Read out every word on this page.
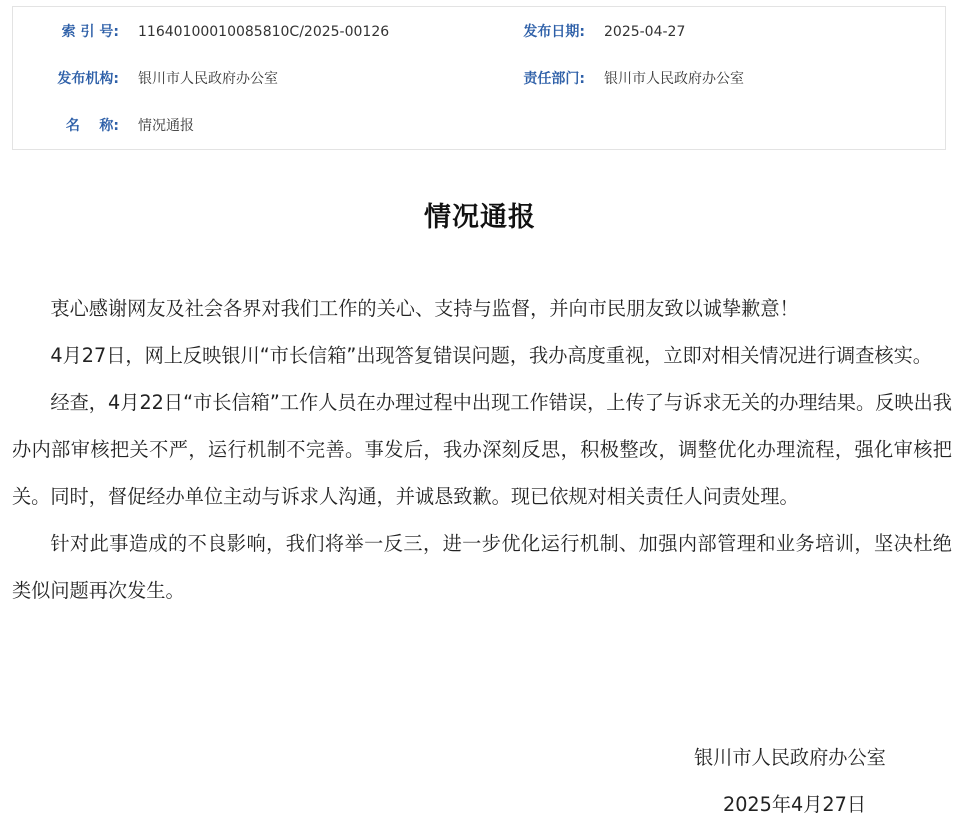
索 引 号: 11640100010085810C/2025-00126	发布日期: 2025-04-27
发布机构: 银川市人民政府办公室	责任部门: 银川市人民政府办公室
名    称: 情况通报
情况通报

衷心感谢网友及社会各界对我们工作的关心、支持与监督，并向市民朋友致以诚挚歉意！

4月27日，网上反映银川“市长信箱”出现答复错误问题，我办高度重视，立即对相关情况进行调查核实。

经查，4月22日“市长信箱”工作人员在办理过程中出现工作错误，上传了与诉求无关的办理结果。反映出我办内部审核把关不严，运行机制不完善。事发后，我办深刻反思，积极整改，调整优化办理流程，强化审核把关。同时，督促经办单位主动与诉求人沟通，并诚恳致歉。现已依规对相关责任人问责处理。

针对此事造成的不良影响，我们将举一反三，进一步优化运行机制、加强内部管理和业务培训，坚决杜绝类似问题再次发生。

银川市人民政府办公室
2025年4月27日
